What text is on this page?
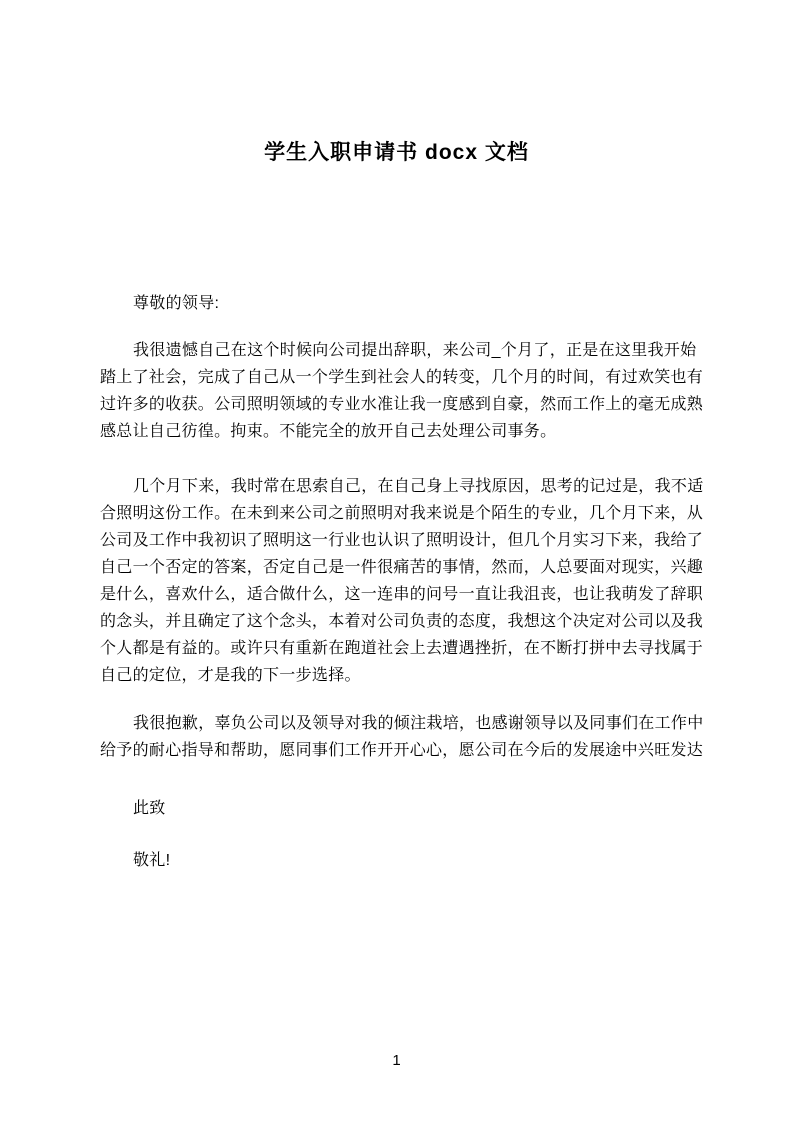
学生入职申请书 docx 文档
尊敬的领导:
我很遗憾自己在这个时候向公司提出辞职，来公司_个月了，正是在这里我开始
踏上了社会，完成了自己从一个学生到社会人的转变，几个月的时间，有过欢笑也有
过许多的收获。公司照明领域的专业水准让我一度感到自豪，然而工作上的毫无成熟
感总让自己彷徨。拘束。不能完全的放开自己去处理公司事务。
几个月下来，我时常在思索自己，在自己身上寻找原因，思考的记过是，我不适
合照明这份工作。在未到来公司之前照明对我来说是个陌生的专业，几个月下来，从
公司及工作中我初识了照明这一行业也认识了照明设计，但几个月实习下来，我给了
自己一个否定的答案，否定自己是一件很痛苦的事情，然而，人总要面对现实，兴趣
是什么，喜欢什么，适合做什么，这一连串的问号一直让我沮丧，也让我萌发了辞职
的念头，并且确定了这个念头，本着对公司负责的态度，我想这个决定对公司以及我
个人都是有益的。或许只有重新在跑道社会上去遭遇挫折，在不断打拼中去寻找属于
自己的定位，才是我的下一步选择。
我很抱歉，辜负公司以及领导对我的倾注栽培，也感谢领导以及同事们在工作中
给予的耐心指导和帮助，愿同事们工作开开心心，愿公司在今后的发展途中兴旺发达
此致
敬礼!
1
